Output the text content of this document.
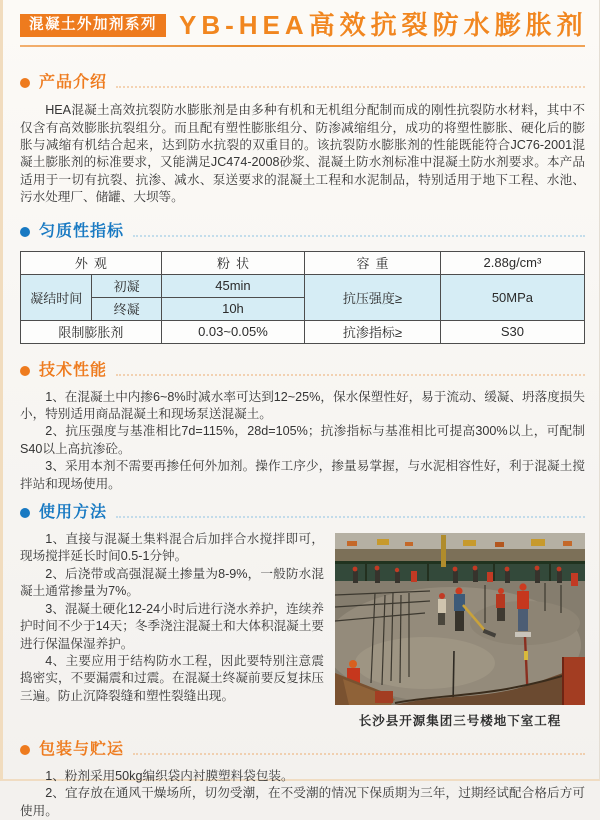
混凝土外加剂系列 YB-HEA高效抗裂防水膨胀剂
产品介绍

HEA混凝土高效抗裂防水膨胀剂是由多种有机和无机组分配制而成的刚性抗裂防水材料，其中不仅含有高效膨胀抗裂组分。而且配有塑性膨胀组分、防渗减缩组分，成功的将塑性膨胀、硬化后的膨胀与减缩有机结合起来，达到防水抗裂的双重目的。该抗裂防水膨胀剂的性能既能符合JC76-2001混凝土膨胀剂的标准要求，又能满足JC474-2008砂浆、混凝土防水剂标准中混凝土防水剂要求。本产品适用于一切有抗裂、抗渗、减水、泵送要求的混凝土工程和水泥制品，特别适用于地下工程、水池、污水处理厂、储罐、大坝等。

匀质性指标
外观		粉状	容重	2.88g/cm³
凝结时间	初凝	45min	抗压强度≥	50MPa
	终凝	10h		
限制膨胀剂		0.03~0.05%	抗渗指标≥	S30
技术性能

1、在混凝土中内掺6~8%时减水率可达到12~25%，保水保塑性好，易于流动、缓凝、坍落度损失小，特别适用商品混凝土和现场泵送混凝土。

2、抗压强度与基准相比7d=115%，28d=105%；抗渗指标与基准相比可提高300%以上，可配制S40以上高抗渗砼。

3、采用本剂不需要再掺任何外加剂。操作工序少，掺量易掌握，与水泥相容性好，利于混凝土搅拌站和现场使用。

使用方法
长沙县开源集团三号楼地下室工程

1、直接与混凝土集料混合后加拌合水搅拌即可，现场搅拌延长时间0.5-1分钟。

2、后浇带或高强混凝土掺量为8-9%，一般防水混凝土通常掺量为7%。

3、混凝土硬化12-24小时后进行浇水养护，连续养护时间不少于14天；冬季浇注混凝土和大体积混凝土要进行保温保湿养护。

4、主要应用于结构防水工程，因此要特别注意震捣密实，不要漏震和过震。在混凝土终凝前要反复抹压三遍。防止沉降裂缝和塑性裂缝出现。

包装与贮运

1、粉剂采用50kg编织袋内衬膜塑料袋包装。

2、宜存放在通风干燥场所，切勿受潮，在不受潮的情况下保质期为三年，过期经试配合格后方可使用。
